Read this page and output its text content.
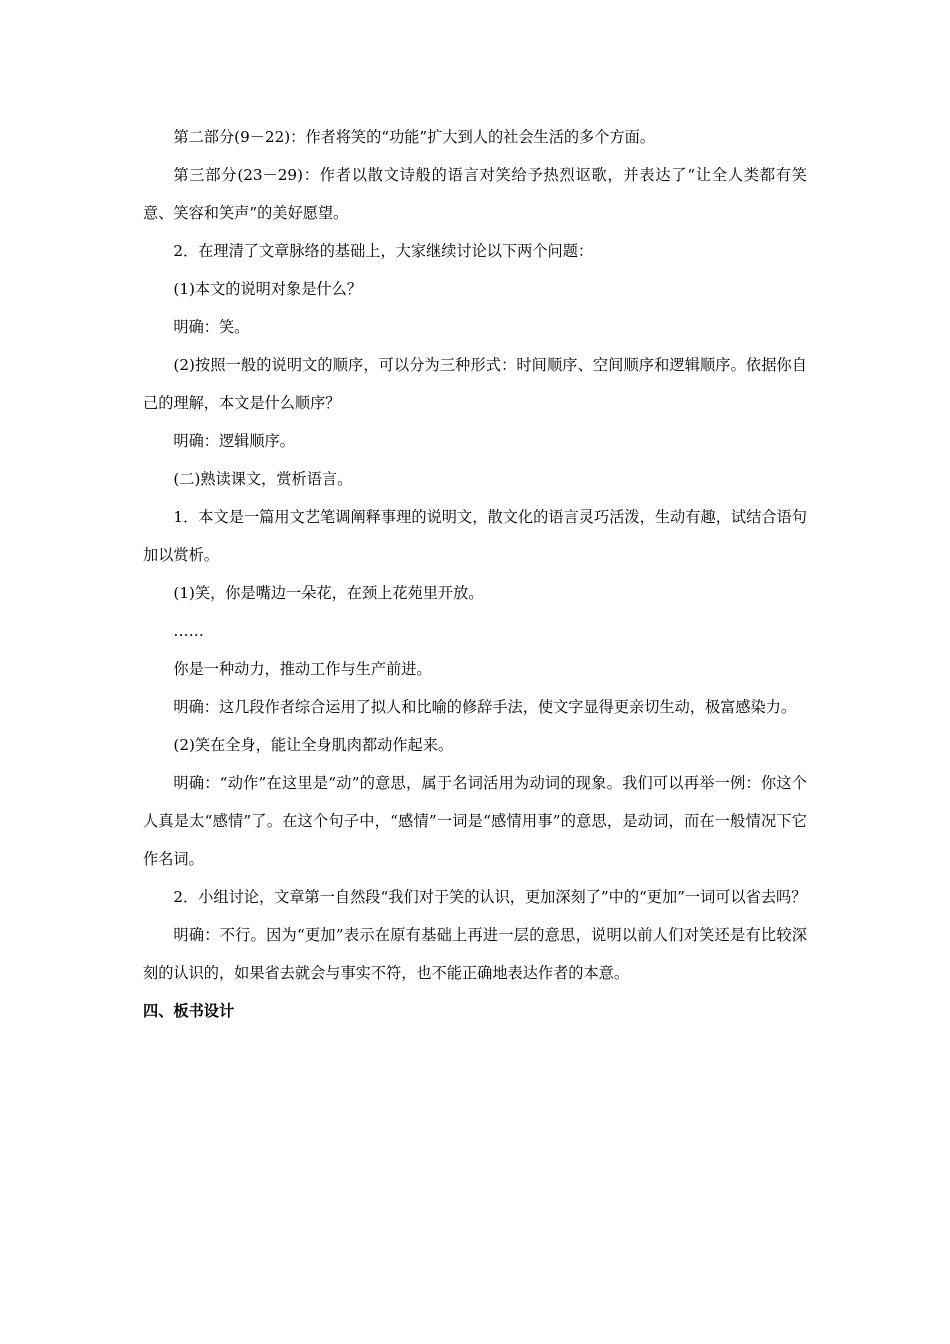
第二部分(9－22)：作者将笑的“功能”扩大到人的社会生活的多个方面。

第三部分(23－29)：作者以散文诗般的语言对笑给予热烈讴歌，并表达了“让全人类都有笑意、笑容和笑声”的美好愿望。

2．在理清了文章脉络的基础上，大家继续讨论以下两个问题：

(1)本文的说明对象是什么？

明确：笑。

(2)按照一般的说明文的顺序，可以分为三种形式：时间顺序、空间顺序和逻辑顺序。依据你自己的理解，本文是什么顺序？

明确：逻辑顺序。

(二)熟读课文，赏析语言。

1．本文是一篇用文艺笔调阐释事理的说明文，散文化的语言灵巧活泼，生动有趣，试结合语句加以赏析。

(1)笑，你是嘴边一朵花，在颈上花苑里开放。

……

你是一种动力，推动工作与生产前进。

明确：这几段作者综合运用了拟人和比喻的修辞手法，使文字显得更亲切生动，极富感染力。

(2)笑在全身，能让全身肌肉都动作起来。

明确：“动作”在这里是“动”的意思，属于名词活用为动词的现象。我们可以再举一例：你这个人真是太“感情”了。在这个句子中，“感情”一词是“感情用事”的意思，是动词，而在一般情况下它作名词。

2．小组讨论，文章第一自然段“我们对于笑的认识，更加深刻了”中的“更加”一词可以省去吗？

明确：不行。因为“更加”表示在原有基础上再进一层的意思，说明以前人们对笑还是有比较深刻的认识的，如果省去就会与事实不符，也不能正确地表达作者的本意。

四、板书设计
